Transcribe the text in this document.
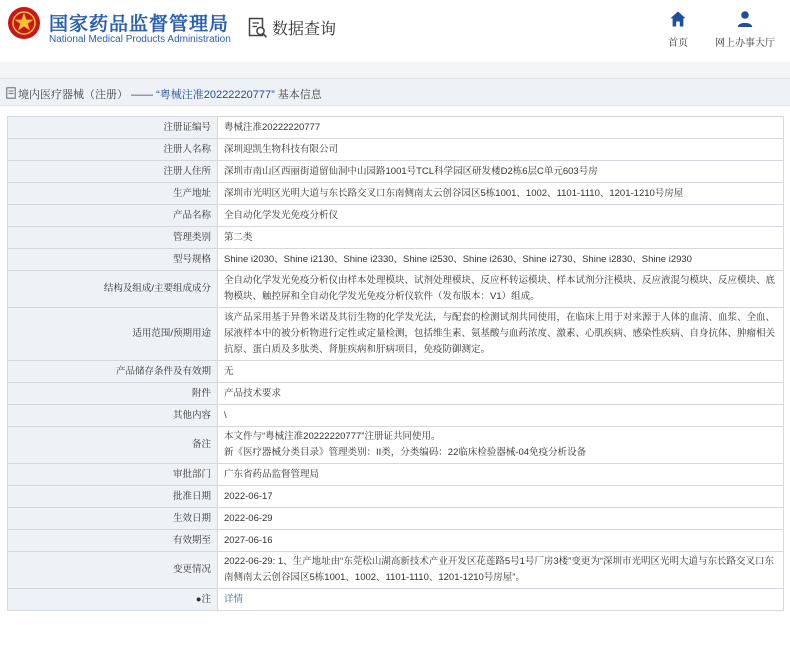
国家药品监督管理局
National Medical Products Administration
数据查询
首页	网上办事大厅
境内医疗器械（注册） —— “粤械注准20222220777” 基本信息
注册证编号	粤械注准20222220777
注册人名称	深圳迎凯生物科技有限公司
注册人住所	深圳市南山区西丽街道留仙洞中山园路1001号TCL科学园区研发楼D2栋6层C单元603号房
生产地址	深圳市光明区光明大道与东长路交叉口东南侧南太云创谷园区5栋1001、1002、1101-1110、1201-1210号房屋
产品名称	全自动化学发光免疫分析仪
管理类别	第二类
型号规格	Shine i2030、Shine i2130、Shine i2330、Shine i2530、Shine i2630、Shine i2730、Shine i2830、Shine i2930
结构及组成/主要组成成分	全自动化学发光免疫分析仪由样本处理模块、试剂处理模块、反应杯转运模块、样本试剂分注模块、反应液混匀模块、反应模块、底物模块、触控屏和全自动化学发光免疫分析仪软件（发布版本：V1）组成。
适用范围/预期用途	该产品采用基于异鲁米诺及其衍生物的化学发光法，与配套的检测试剂共同使用，在临床上用于对来源于人体的血清、血浆、全血、尿液样本中的被分析物进行定性或定量检测，包括维生素、氨基酸与血药浓度、激素、心肌疾病、感染性疾病、自身抗体、肿瘤相关抗原、蛋白质及多肽类、肾脏疾病和肝病项目，免疫防御测定。
产品储存条件及有效期	无
附件	产品技术要求
其他内容	\
备注	本文件与“粤械注准20222220777”注册证共同使用。
新《医疗器械分类目录》管理类别：II类，分类编码：22临床检验器械-04免疫分析设备

审批部门	广东省药品监督管理局
批准日期	2022-06-17
生效日期	2022-06-29
有效期至	2027-06-16
变更情况	2022-06-29: 1、生产地址由“东莞松山湖高新技术产业开发区花莲路5号1号厂房3楼”变更为“深圳市光明区光明大道与东长路交叉口东南侧南太云创谷园区5栋1001、1002、1101-1110、1201-1210号房屋”。
●注	详情
